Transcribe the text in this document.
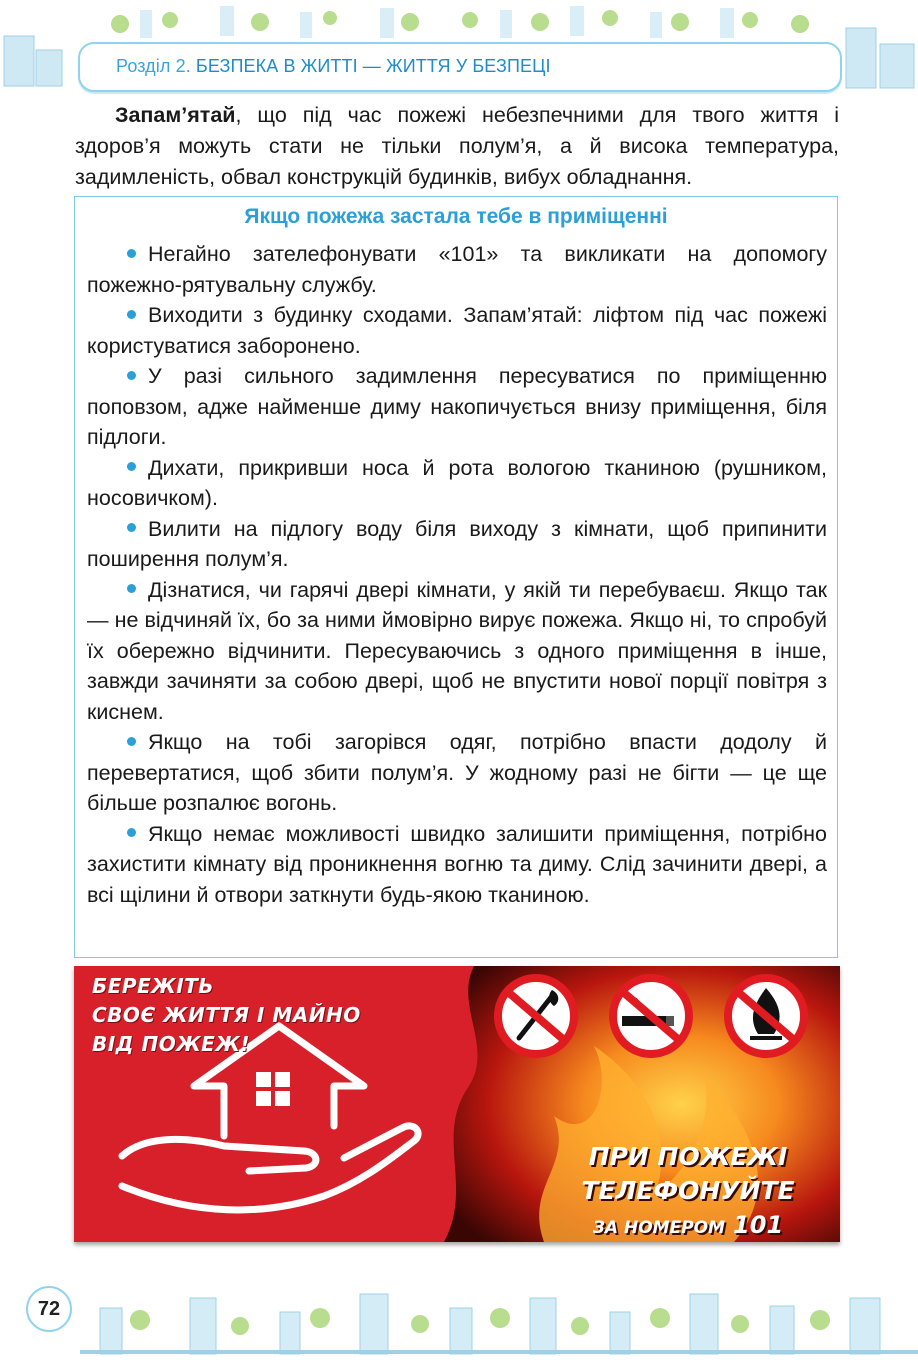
Розділ 2. БЕЗПЕКА В ЖИТТІ — ЖИТТЯ У БЕЗПЕЦІ

Запам’ятай, що під час пожежі небезпечними для твого життя і здоров’я можуть стати не тільки полум’я, а й висока температура, задимленість, обвал конструкцій будинків, вибух обладнання.

Якщо пожежа застала тебе в приміщенні

Негайно зателефонувати «101» та викликати на допомогу пожежно-рятувальну службу.

Виходити з будинку сходами. Запам’ятай: ліфтом під час пожежі користуватися заборонено.

У разі сильного задимлення пересуватися по приміщенню поповзом, адже найменше диму накопичується внизу приміщення, біля підлоги.

Дихати, прикривши носа й рота вологою тканиною (рушником, носовичком).

Вилити на підлогу воду біля виходу з кімнати, щоб припинити поширення полум’я.

Дізнатися, чи гарячі двері кімнати, у якій ти перебуваєш. Якщо так — не відчиняй їх, бо за ними ймовірно вирує пожежа. Якщо ні, то спробуй їх обережно відчинити. Пересуваючись з одного приміщення в інше, завжди зачиняти за собою двері, щоб не впустити нової порції повітря з киснем.

Якщо на тобі загорівся одяг, потрібно впасти додолу й перевертатися, щоб збити полум’я. У жодному разі не бігти — це ще більше розпалює вогонь.

Якщо немає можливості швидко залишити приміщення, потрібно захистити кімнату від проникнення вогню та диму. Слід зачинити двері, а всі щілини й отвори заткнути будь-якою тканиною.

БЕРЕЖІТЬ
СВОЄ ЖИТТЯ І МАЙНО
ВІД ПОЖЕЖ!
ПРИ ПОЖЕЖІ
ТЕЛЕФОНУЙТЕ
ЗА НОМЕРОМ 101
72
